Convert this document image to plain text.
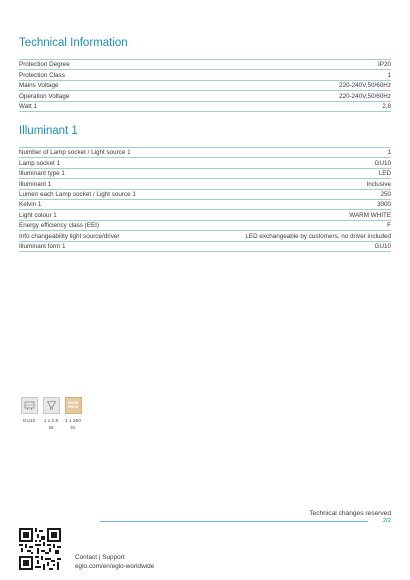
Technical Information
Protection Degree	IP20
Protection Class	1
Mains Voltage	220-240V,50/60Hz
Operation Voltage	220-240V,50/60Hz
Watt 1	2,8
Illuminant 1
Number of Lamp socket / Light source 1	1
Lamp socket 1	GU10
Illuminant type 1	LED
Illuminant 1	Inclusive
Lumen each Lamp socket / Light source 1	250
Kelvin 1	3000
Light colour 1	WARM WHITE
Energy efficiency class (EEI)	F
Info changeability light source/driver	LED exchangeable by customers, no driver included
Illuminant form 1	GU10
GU10	1 x 2,8 W
WARM WHITE
1 x 250 lm
Technical changes reserved
2/2
Contact | Support
eglo.com/en/eglo-worldwide
